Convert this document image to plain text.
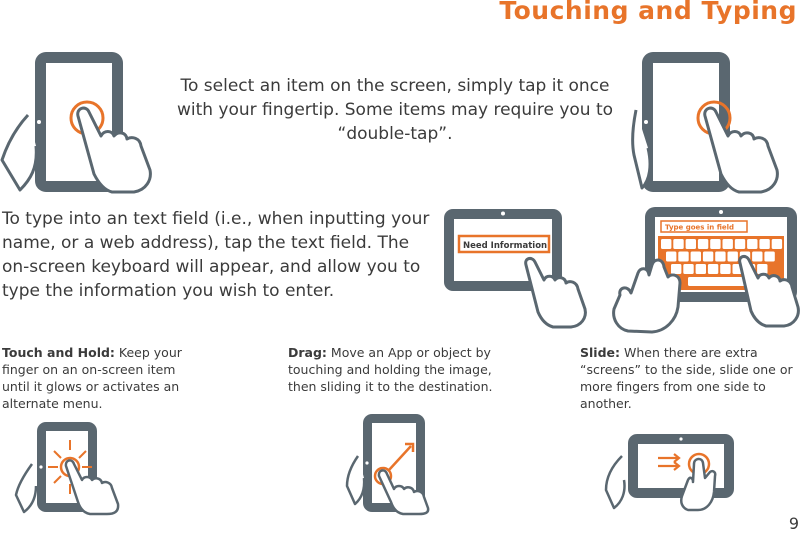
Touching and Typing
To select an item on the screen, simply tap it once with your fingertip. Some items may require you to “double-tap”.
To type into an text field (i.e., when inputting your name, or a web address), tap the text field. The on-screen keyboard will appear, and allow you to type the information you wish to enter.
Touch and Hold: Keep your finger on an on-screen item until it glows or activates an alternate menu.
Drag: Move an App or object by touching and holding the image, then sliding it to the destination.
Slide: When there are extra “screens” to the side, slide one or more fingers from one side to another.
9
Need Information
Type goes in field
